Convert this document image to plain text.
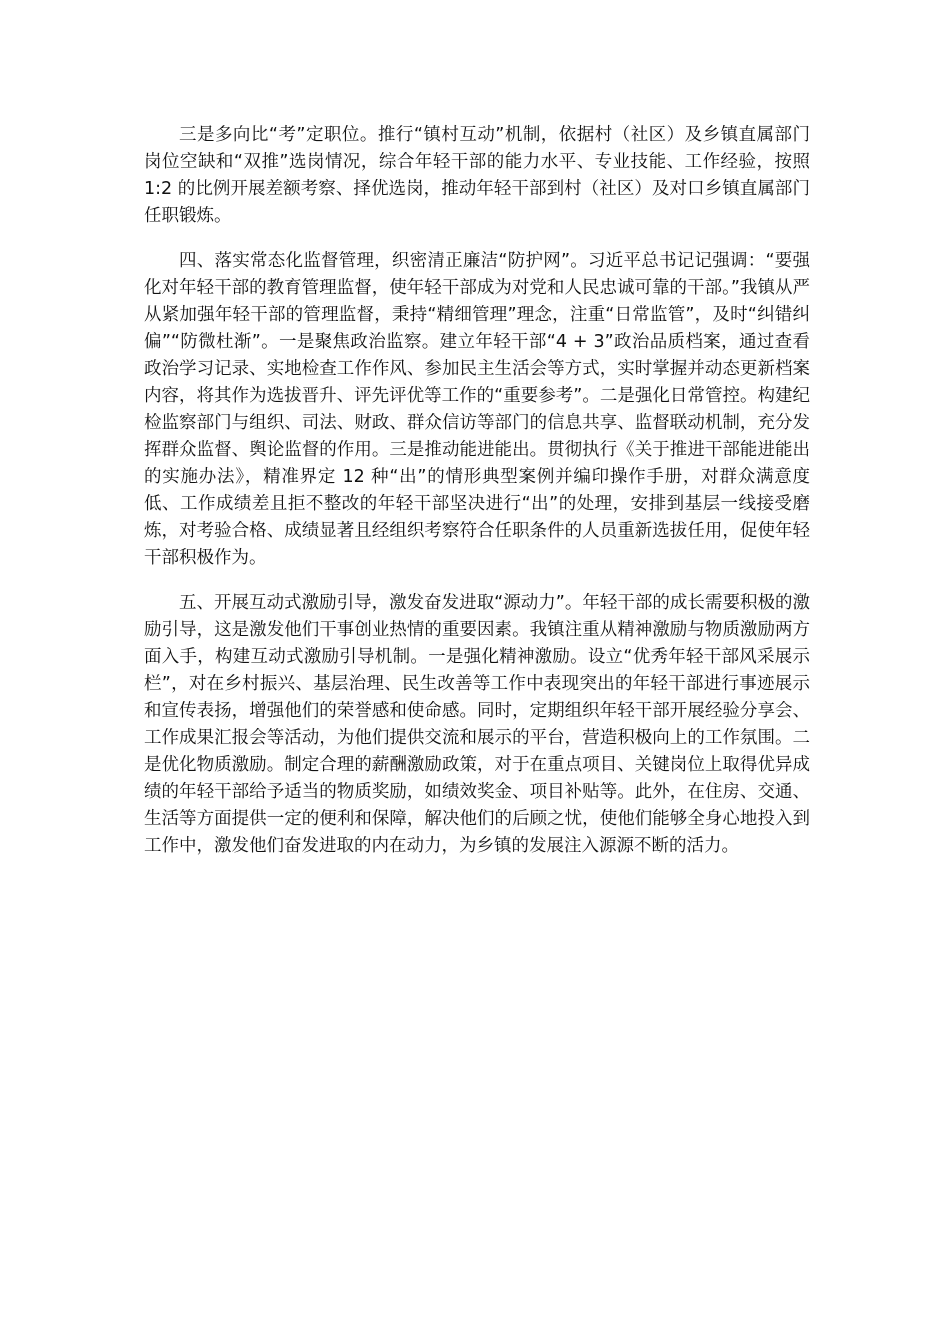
三是多向比“考”定职位。推行“镇村互动”机制，依据村（社区）及乡镇直属部门岗位空缺和“双推”选岗情况，综合年轻干部的能力水平、专业技能、工作经验，按照 1:2 的比例开展差额考察、择优选岗，推动年轻干部到村（社区）及对口乡镇直属部门任职锻炼。

四、落实常态化监督管理，织密清正廉洁“防护网”。习近平总书记记强调：“要强化对年轻干部的教育管理监督，使年轻干部成为对党和人民忠诚可靠的干部。”我镇从严从紧加强年轻干部的管理监督，秉持“精细管理”理念，注重“日常监管”，及时“纠错纠偏”“防微杜渐”。一是聚焦政治监察。建立年轻干部“4 + 3”政治品质档案，通过查看政治学习记录、实地检查工作作风、参加民主生活会等方式，实时掌握并动态更新档案内容，将其作为选拔晋升、评先评优等工作的“重要参考”。二是强化日常管控。构建纪检监察部门与组织、司法、财政、群众信访等部门的信息共享、监督联动机制，充分发挥群众监督、舆论监督的作用。三是推动能进能出。贯彻执行《关于推进干部能进能出的实施办法》，精准界定 12 种“出”的情形典型案例并编印操作手册，对群众满意度低、工作成绩差且拒不整改的年轻干部坚决进行“出”的处理，安排到基层一线接受磨炼，对考验合格、成绩显著且经组织考察符合任职条件的人员重新选拔任用，促使年轻干部积极作为。

五、开展互动式激励引导，激发奋发进取“源动力”。年轻干部的成长需要积极的激励引导，这是激发他们干事创业热情的重要因素。我镇注重从精神激励与物质激励两方面入手，构建互动式激励引导机制。一是强化精神激励。设立“优秀年轻干部风采展示栏”，对在乡村振兴、基层治理、民生改善等工作中表现突出的年轻干部进行事迹展示和宣传表扬，增强他们的荣誉感和使命感。同时，定期组织年轻干部开展经验分享会、工作成果汇报会等活动，为他们提供交流和展示的平台，营造积极向上的工作氛围。二是优化物质激励。制定合理的薪酬激励政策，对于在重点项目、关键岗位上取得优异成绩的年轻干部给予适当的物质奖励，如绩效奖金、项目补贴等。此外，在住房、交通、生活等方面提供一定的便利和保障，解决他们的后顾之忧，使他们能够全身心地投入到工作中，激发他们奋发进取的内在动力，为乡镇的发展注入源源不断的活力。
